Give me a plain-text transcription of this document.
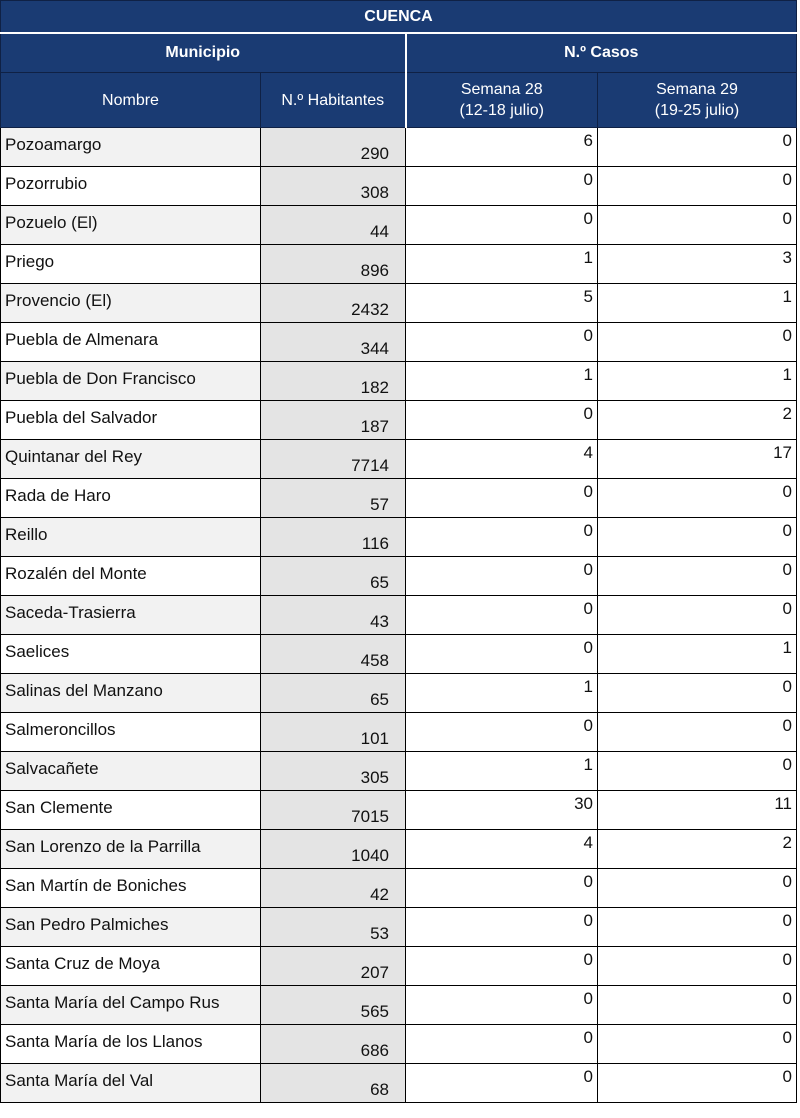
CUENCA			
Municipio		N.º Casos	
Nombre	N.º Habitantes	Semana 28
(12-18 julio)	Semana 29
(19-25 julio)

Pozoamargo	290	6	0
Pozorrubio	308	0	0
Pozuelo (El)	44	0	0
Priego	896	1	3
Provencio (El)	2432	5	1
Puebla de Almenara	344	0	0
Puebla de Don Francisco	182	1	1
Puebla del Salvador	187	0	2
Quintanar del Rey	7714	4	17
Rada de Haro	57	0	0
Reillo	116	0	0
Rozalén del Monte	65	0	0
Saceda-Trasierra	43	0	0
Saelices	458	0	1
Salinas del Manzano	65	1	0
Salmeroncillos	101	0	0
Salvacañete	305	1	0
San Clemente	7015	30	11
San Lorenzo de la Parrilla	1040	4	2
San Martín de Boniches	42	0	0
San Pedro Palmiches	53	0	0
Santa Cruz de Moya	207	0	0
Santa María del Campo Rus	565	0	0
Santa María de los Llanos	686	0	0
Santa María del Val	68	0	0
